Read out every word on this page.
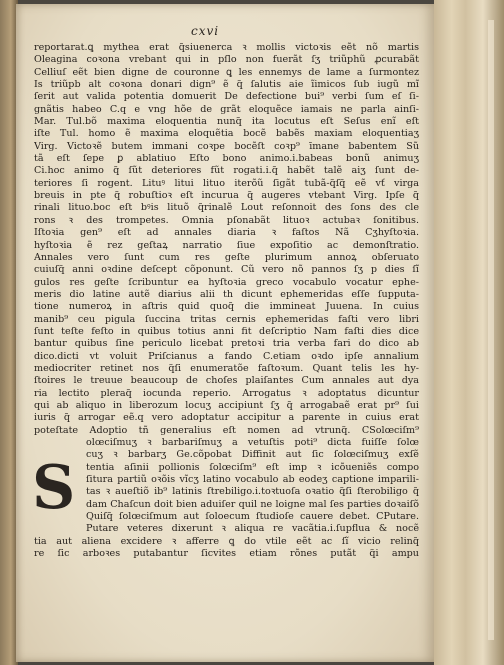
cxvi
S
reportarat.ꝗ mytheа erat q̃siuenerca ꝛ mollis victoꝛis eẽt nõ martis
Oleagina coꝛona vrebant qui in pſlo non fuerãt ſʒ triũphũ ꝓcurabãt
Celliuſ eẽt bien digne de couronne ꝗ les ennemys de lame a ſurmontez
Is triũpb alt coꝛona donari dign⁹ ẽ q̃ ſalutis aie ĩimicos ſub iugũ mĩ
ſerit aut valida potentia domuerit De defectione bui⁹ verbi ſum eſ ſi-
gnãtis habeo C.q e vng hõe de grãt eloquẽce iamais ne parla ainſi-
Mar. Tul.bõ maxima eloquentia nunq̃ ita locutus eſt Seſus enĩ eſt
iſte Tul. homo ẽ maxima eloquẽtia bocẽ babẽs maxiam eloquentiaʒ
Virg. Victoꝛẽ butem immani coꝛpe bocẽſt coꝛp⁹ īmane babentem Sũ
tã eſt ſepe ꝑ ablatiuo Eſto bono animo.i.babeas bonũ animuʒ
Ci.hoc animo q̃ ſũt deteriores fũt rogati.i.q̃ habẽt talẽ aiʒ ſunt de-
teriores ſi rogent. Lituꝰ litui lituo iterõũ ſigãt tubã-q̃ſq̃ eẽ vť virga
breuis in pte q̃ robuſtioꝛ eſt incurua q̃ augeres vtebant Virg. Ipſe q̃
rinali lituo.boc eſt bꝰis lituõ q̃rinalẽ Lout reſonnoit des ſons des cle
rons ꝛ des trompetes. Omnia pſonabãt lituoꝛ actubaꝛ ſonitibus.
Iſtoꝛia gen⁹ eſt ad annales diaria ꝛ faſtos Nã Cʒhyſtoꝛia.
hyſtoꝛia ẽ rez geſtaꝝ narratio ſiue expoſitio ac demonſtratio.
Annales vero ſunt cum res geſte plurimum annoꝝ obſeruato
cuiuſq̃ anni oꝛdine deſcept cõponunt. Cũ vero nõ pannos ſʒ p dies ſĩ
gulos res geſte ſcribuntur ea hyſtoꝛia greco vocabulo vocatur ephe-
meris dio latine autẽ diarius alii th dicunt ephemeridas eſſe ſupputa-
tione numeroꝝ in aſtris quid quoq̃ die immineat Juuena. In cuius
manib⁹ ceu pigula ſuccina tritas cernis ephemeridas faſti vero libri
ſunt teſte feſto in quibus totius anni fit deſcriptio Nam faſti dies dice
bantur quibus ſine periculo licebat pretoꝛi tria verba fari do dico ab
dico.dicti vt voluit Priſcianus a fando C.etiam oꝛdo ipſe annalium
mediocriter retinet nos q̃ſi enumeratõe faſtoꝛum. Quant telis les hy-
ſtoires le treuue beaucoup de choſes plaiſantes Cum annales aut dya
ria lectito pleraq̃ iocunda reperio. Arrogatus ꝛ adoptatus dicuntur
qui ab aliquo in liberozum locuʒ accipiunt ſʒ q̃ arrogabaẽ erat pr⁹ ſui
iuris q̃ arrogar eẽ.q vero adoptatur accipitur a parente in cuius erat
poteſtate Adoptio tñ generalius eſt nomen ad vtrunq̃. CSolœciſm⁹
olœciſmuʒ ꝛ barbariſmuʒ a vetuſtis poti⁹ dicta fuiſſe ſolœ
cuʒ ꝛ barbarʒ Ge.cõpobat Diffinit aut̃ ſic ſolœciſmuʒ exſẽ
tentia aſinii pollionis ſolœciſm⁹ eſt imp ꝛ icõueniẽs compo
ſitura partiũ oꝛõis vĩcʒ latino vocabulo ab eodeʒ captione imparili-
tas ꝛ aueſtiõ ib⁹ latinis ſtrebiligo.i.toꝛtuoſa oꝛatio q̃ſi ſterobiligo q̃
dam Chaſcun doit bien aduiſer quil ne loigne mal ſes parties doꝛaiſõ
Quiſq̃ ſolœciſmum aut ſoloecum ſtudioſe cauere debet. CPutare.
Putare veteres dixerunt ꝛ aliqua re vacãtia.i.ſupflua & nocẽ
tia aut aliena excidere ꝛ afferre ꝗ do vtile eẽt ac ſĩ vicio relinq̃
re ſic arboꝛes putabantur ſicvites etiam rõnes putãt q̃i ampu
